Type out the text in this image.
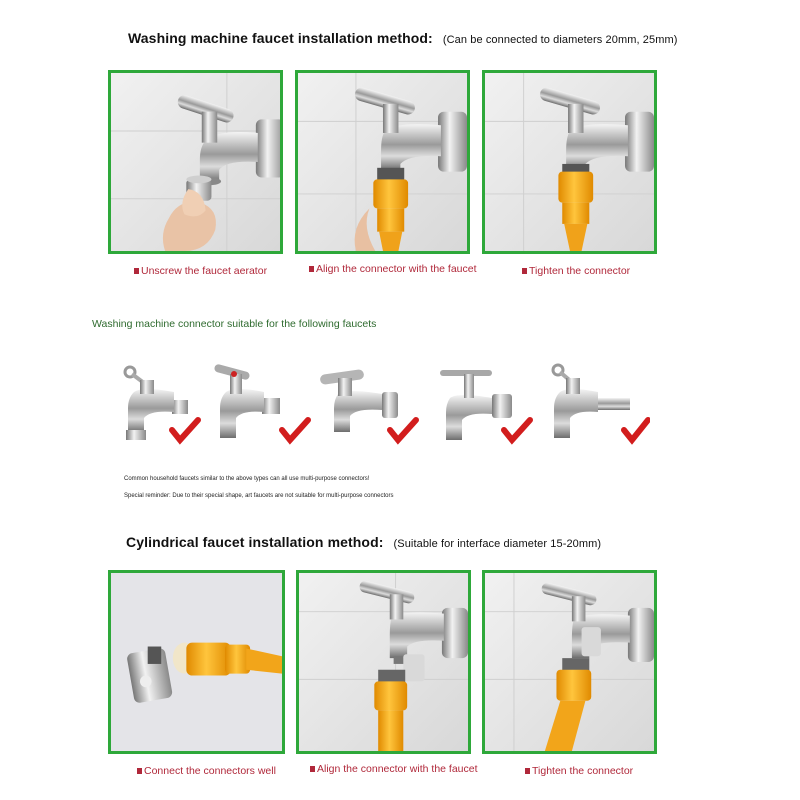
Washing machine faucet installation method: (Can be connected to diameters 20mm, 25mm)
Unscrew the faucet aerator	Align the connector with the faucet	Tighten the connector
Washing machine connector suitable for the following faucets
Common household faucets similar to the above types can all use multi-purpose connectors!
Special reminder: Due to their special shape, art faucets are not suitable for multi-purpose connectors
Cylindrical faucet installation method: (Suitable for interface diameter 15-20mm)
Connect the connectors well	Align the connector with the faucet	Tighten the connector
